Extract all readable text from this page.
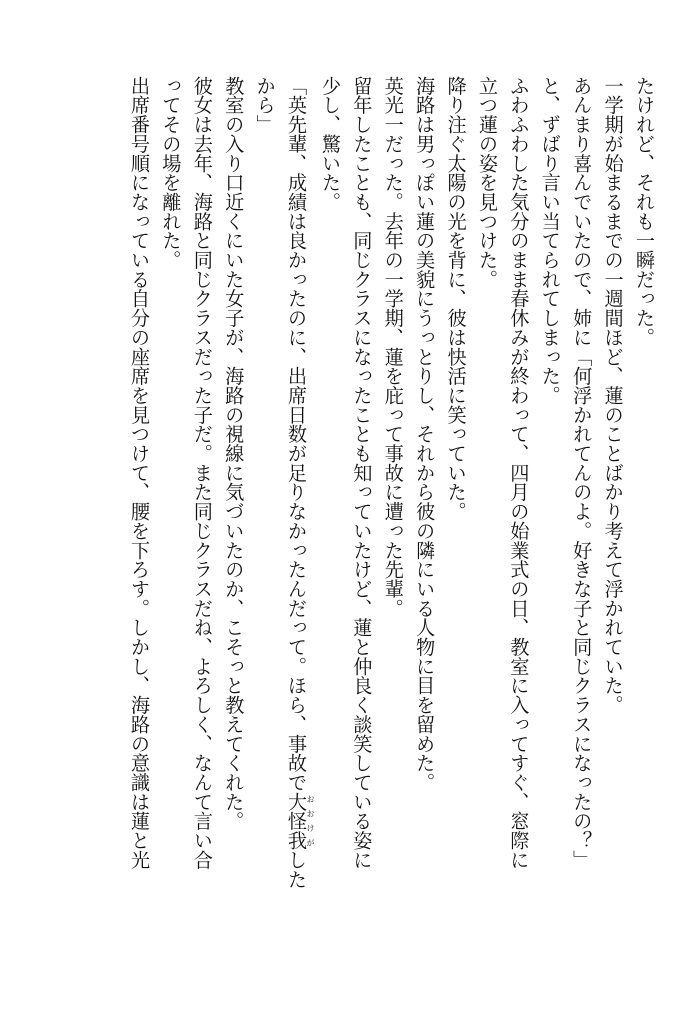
たけれど、それも一瞬だった。
一学期が始まるまでの一週間ほど、蓮のことばかり考えて浮かれていた。
あんまり喜んでいたので、姉に「何浮かれてんのよ。好きな子と同じクラスになったの？」
と、ずばり言い当てられてしまった。
ふわふわした気分のまま春休みが終わって、四月の始業式の日、教室に入ってすぐ、窓際に
立つ蓮の姿を見つけた。
降り注ぐ太陽の光を背に、彼は快活に笑っていた。
海路は男っぽい蓮の美貌にうっとりし、それから彼の隣にいる人物に目を留めた。
英光一だった。去年の一学期、蓮を庇って事故に遭った先輩。
留年したことも、同じクラスになったことも知っていたけど、蓮と仲良く談笑している姿に
少し、驚いた。
「英先輩、成績は良かったのに、出席日数が足りなかったんだって。ほら、事故で大怪我おおけがした
から」
教室の入り口近くにいた女子が、海路の視線に気づいたのか、こそっと教えてくれた。
彼女は去年、海路と同じクラスだった子だ。また同じクラスだね、よろしく、なんて言い合
ってその場を離れた。
出席番号順になっている自分の座席を見つけて、腰を下ろす。しかし、海路の意識は蓮と光
